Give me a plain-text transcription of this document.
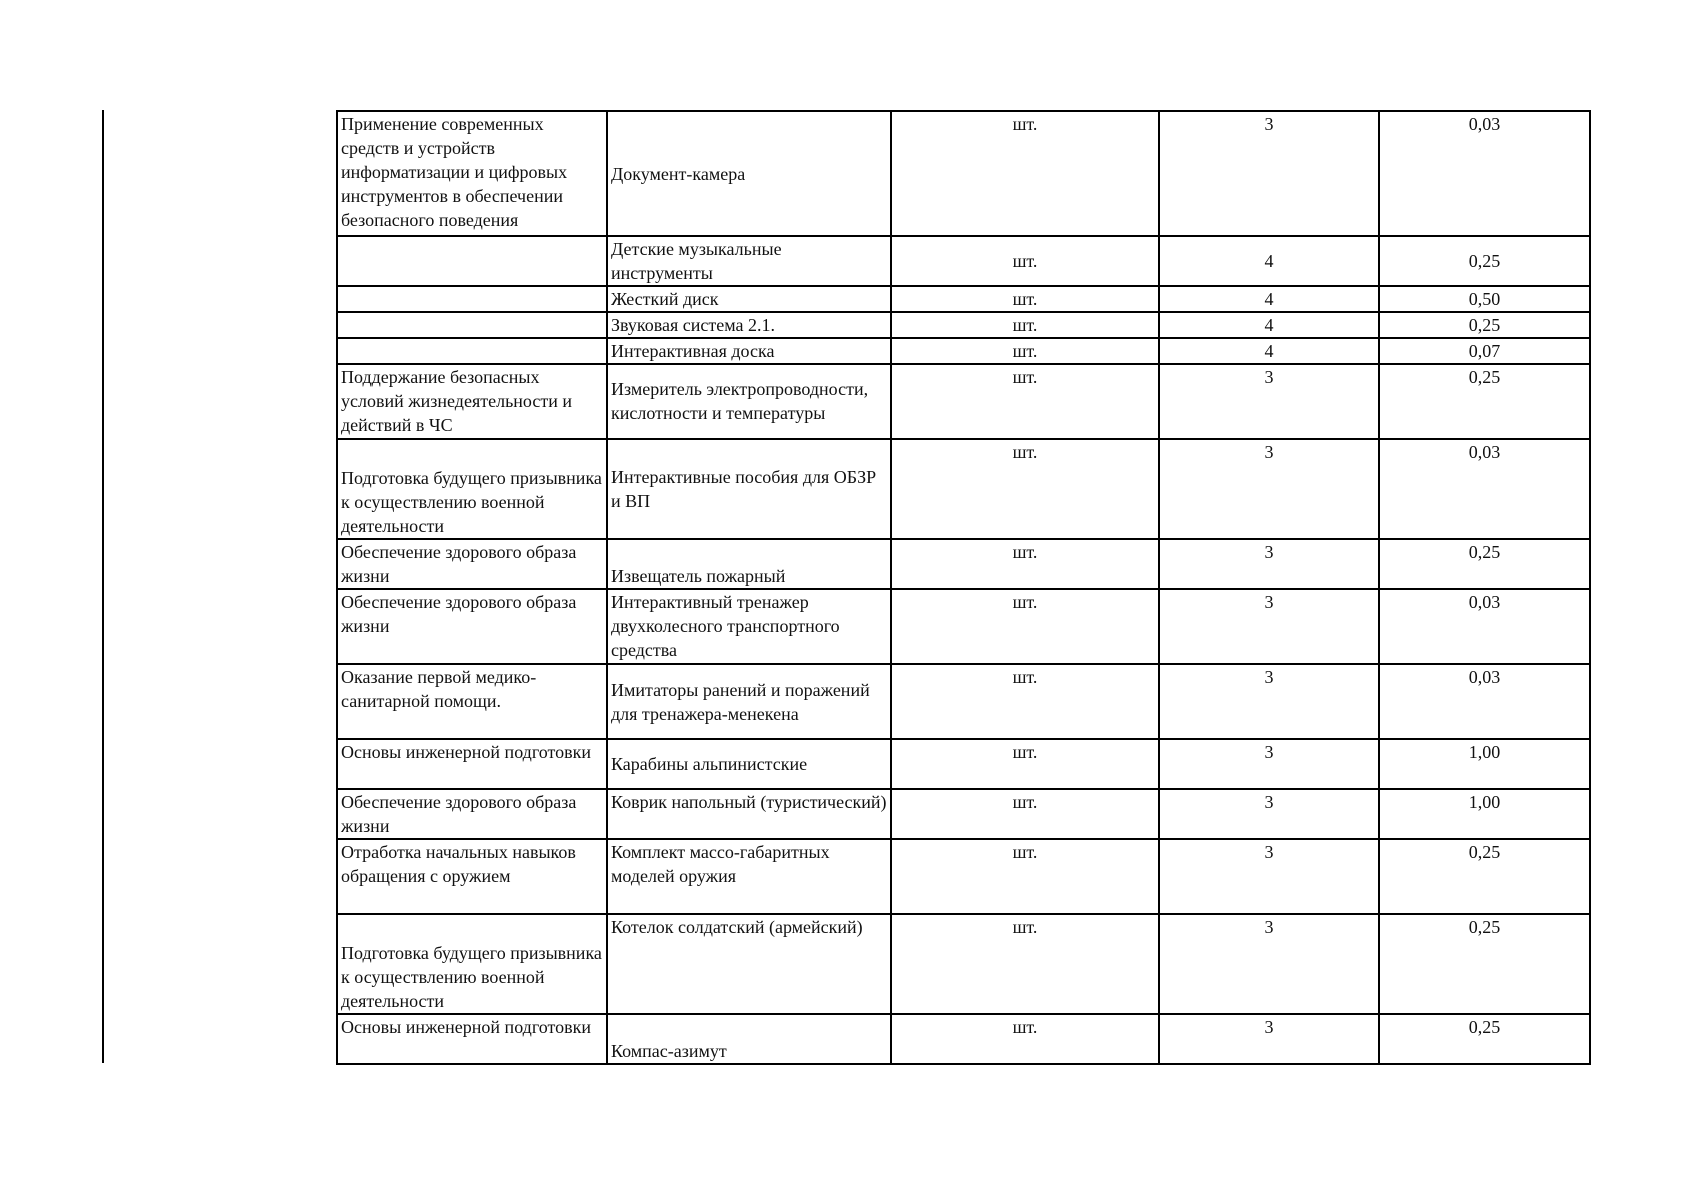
Применение современных средств и устройств информатизации и цифровых инструментов в обеспечении безопасного поведения	Документ-камера	шт.	3	0,03
	Детские музыкальные инструменты	шт.	4	0,25
	Жесткий диск	шт.	4	0,50
	Звуковая система 2.1.	шт.	4	0,25
	Интерактивная доска	шт.	4	0,07
Поддержание безопасных условий жизнедеятельности и действий в ЧС	Измеритель электропроводности, кислотности и температуры	шт.	3	0,25
Подготовка будущего призывника к осуществлению военной деятельности	Интерактивные пособия для ОБЗР и ВП	шт.	3	0,03
Обеспечение здорового образа жизни	Извещатель пожарный	шт.	3	0,25
Обеспечение здорового образа жизни	Интерактивный тренажер двухколесного транспортного средства	шт.	3	0,03
Оказание первой медико-санитарной помощи.	Имитаторы ранений и поражений для тренажера-менекена	шт.	3	0,03
Основы инженерной подготовки	Карабины альпинистские	шт.	3	1,00
Обеспечение здорового образа жизни	Коврик напольный (туристический)	шт.	3	1,00
Отработка начальных навыков обращения с оружием	Комплект массо-габаритных моделей оружия	шт.	3	0,25
Подготовка будущего призывника к осуществлению военной деятельности	Котелок солдатский (армейский)	шт.	3	0,25
Основы инженерной подготовки	Компас-азимут	шт.	3	0,25
